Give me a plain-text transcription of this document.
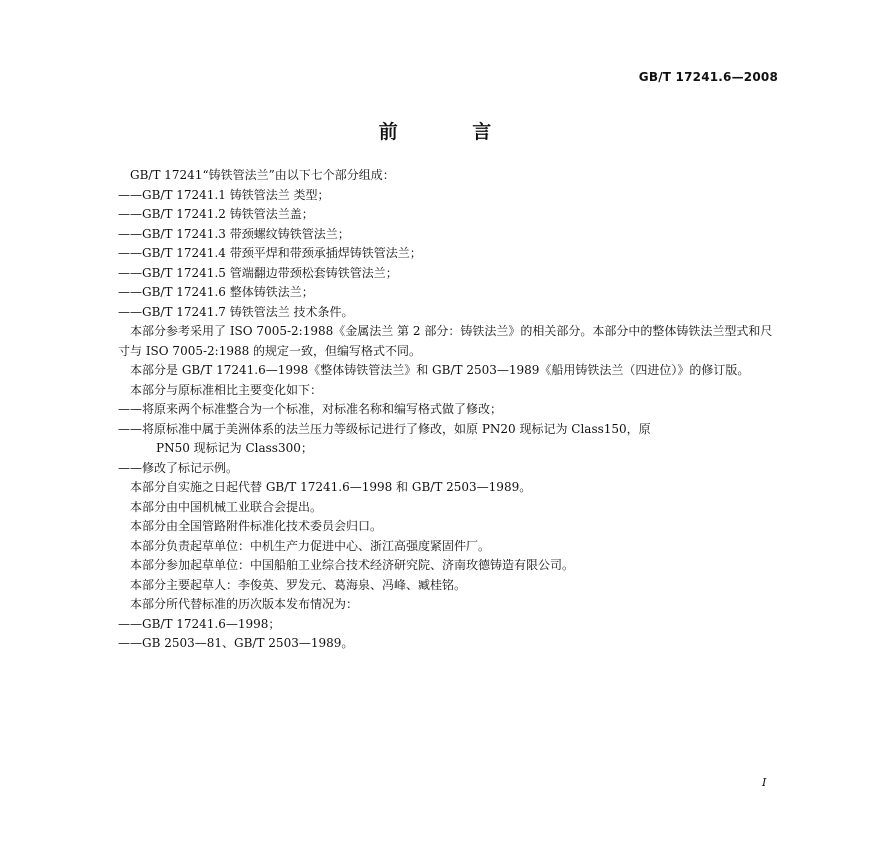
GB/T 17241.6—2008
前 言
GB/T 17241“铸铁管法兰”由以下七个部分组成：
——GB/T 17241.1 铸铁管法兰 类型；
——GB/T 17241.2 铸铁管法兰盖；
——GB/T 17241.3 带颈螺纹铸铁管法兰；
——GB/T 17241.4 带颈平焊和带颈承插焊铸铁管法兰；
——GB/T 17241.5 管端翻边带颈松套铸铁管法兰；
——GB/T 17241.6 整体铸铁法兰；
——GB/T 17241.7 铸铁管法兰 技术条件。
本部分参考采用了 ISO 7005-2:1988《金属法兰 第 2 部分：铸铁法兰》的相关部分。本部分中的整体铸铁法兰型式和尺寸与 ISO 7005-2:1988 的规定一致，但编写格式不同。
本部分是 GB/T 17241.6—1998《整体铸铁管法兰》和 GB/T 2503—1989《船用铸铁法兰（四进位）》的修订版。
本部分与原标准相比主要变化如下：
——将原来两个标准整合为一个标准，对标准名称和编写格式做了修改；
——将原标准中属于美洲体系的法兰压力等级标记进行了修改，如原 PN20 现标记为 Class150，原
PN50 现标记为 Class300；
——修改了标记示例。
本部分自实施之日起代替 GB/T 17241.6—1998 和 GB/T 2503—1989。
本部分由中国机械工业联合会提出。
本部分由全国管路附件标准化技术委员会归口。
本部分负责起草单位：中机生产力促进中心、浙江高强度紧固件厂。
本部分参加起草单位：中国船舶工业综合技术经济研究院、济南玫德铸造有限公司。
本部分主要起草人：李俊英、罗发元、葛海泉、冯峰、臧桂铭。
本部分所代替标准的历次版本发布情况为：
——GB/T 17241.6—1998；
——GB 2503—81、GB/T 2503—1989。
I
